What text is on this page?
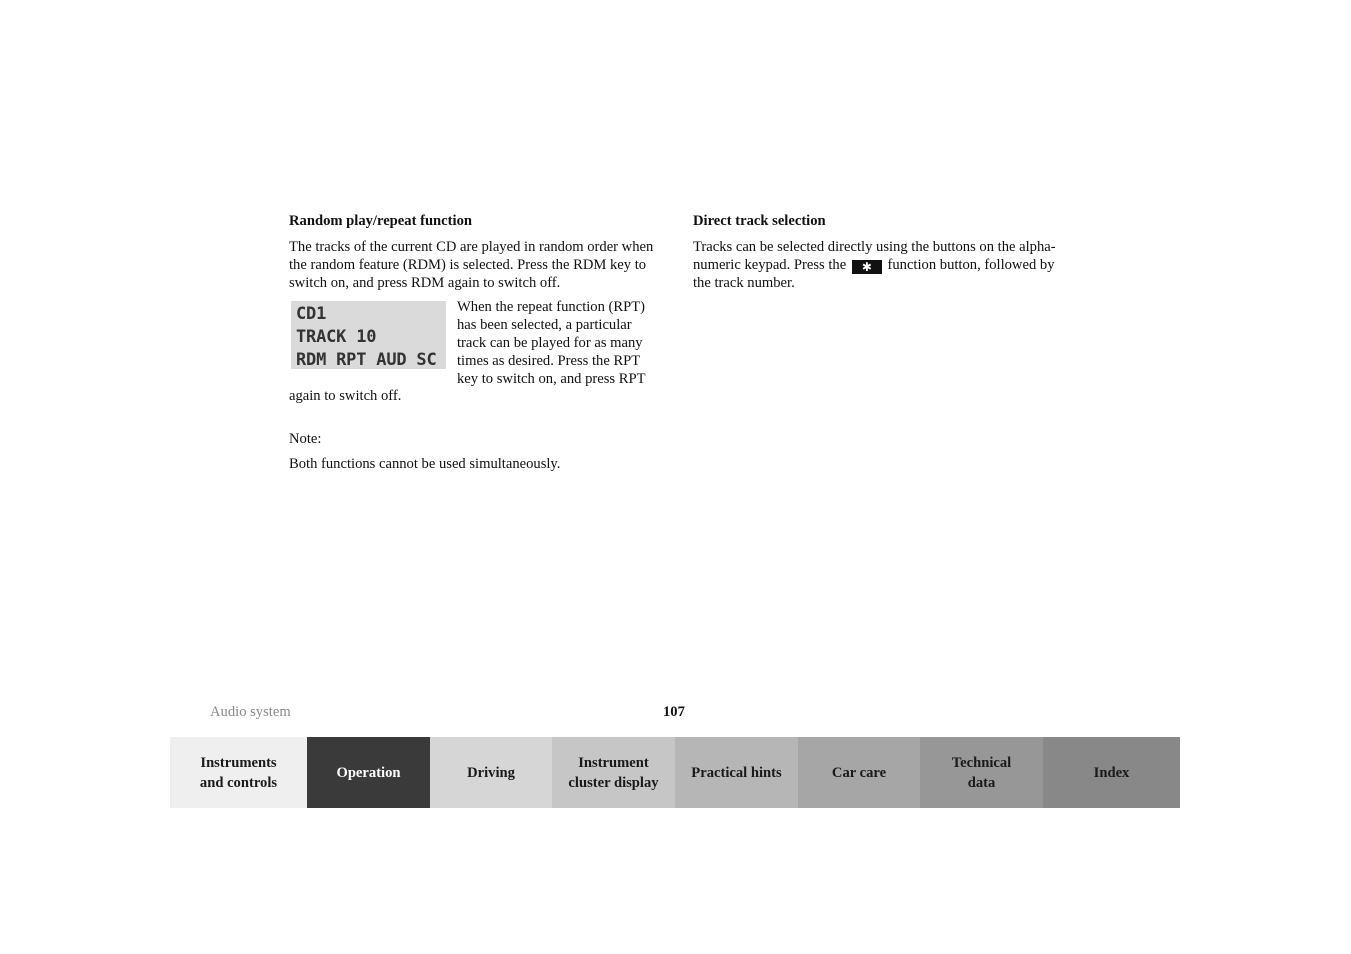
Random play/repeat function

The tracks of the current CD are played in random order when the random feature (RDM) is selected. Press the RDM key to switch on, and press RDM again to switch off.

CD1
TRACK 10
RDM RPT AUD SC

When the repeat function (RPT) has been selected, a particular track can be played for as many times as desired. Press the RPT key to switch on, and press RPT again to switch off.

Note:

Both functions cannot be used simultaneously.

Direct track selection

Tracks can be selected directly using the buttons on the alpha-numeric keypad. Press the ✱ function button, followed by the track number.

Audio system	107
Instruments
and controls
Operation	Driving
Instrument
cluster display
Practical hints	Car care
Technical
data
Index
